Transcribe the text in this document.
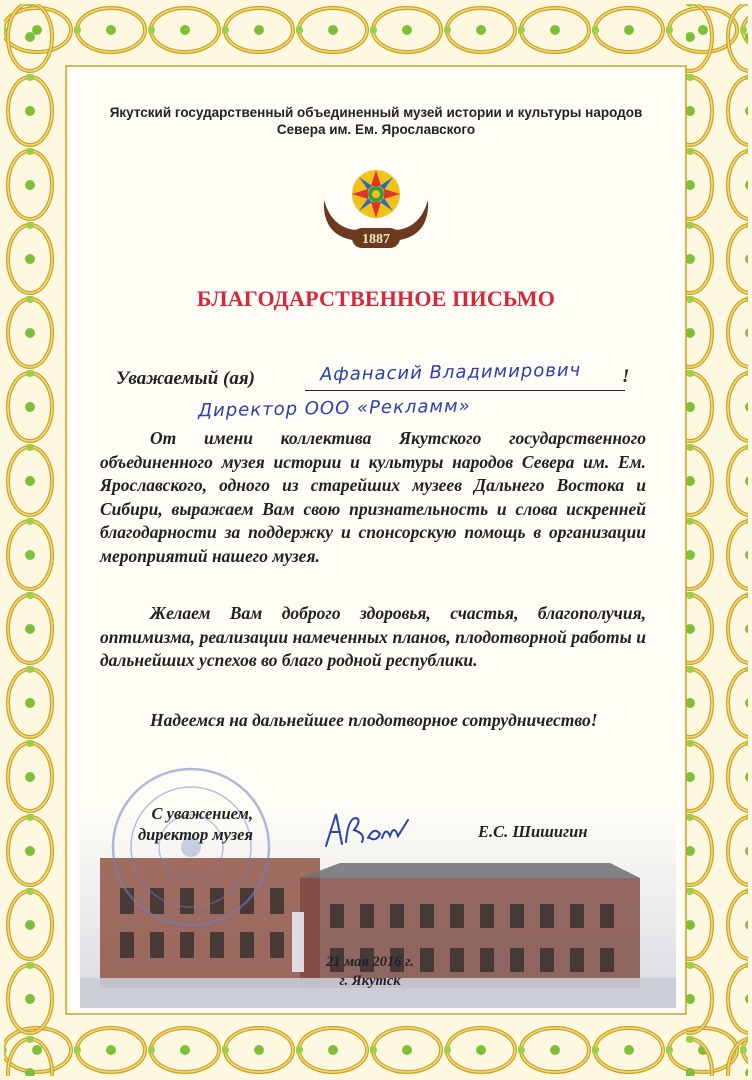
Якутский государственный объединенный музей истории и культуры народов
Севера им. Ем. Ярославского
1887
БЛАГОДАРСТВЕННОЕ ПИСЬМО
Уважаемый (ая)	Афанасий Владимирович !
Директор ООО «Рекламм»

От имени коллектива Якутского государственного объединенного музея истории и культуры народов Севера им. Ем. Ярославского, одного из старейших музеев Дальнего Востока и Сибири, выражаем Вам свою признательность и слова искренней благодарности за поддержку и спонсорскую помощь в организации мероприятий нашего музея.

Желаем Вам доброго здоровья, счастья, благополучия, оптимизма, реализации намеченных планов, плодотворной работы и дальнейших успехов во благо родной республики.

Надеемся на дальнейшее плодотворное сотрудничество!

С уважением,
директор музея	Е.С. Шишигин
21 мая 2016 г.
г. Якутск
